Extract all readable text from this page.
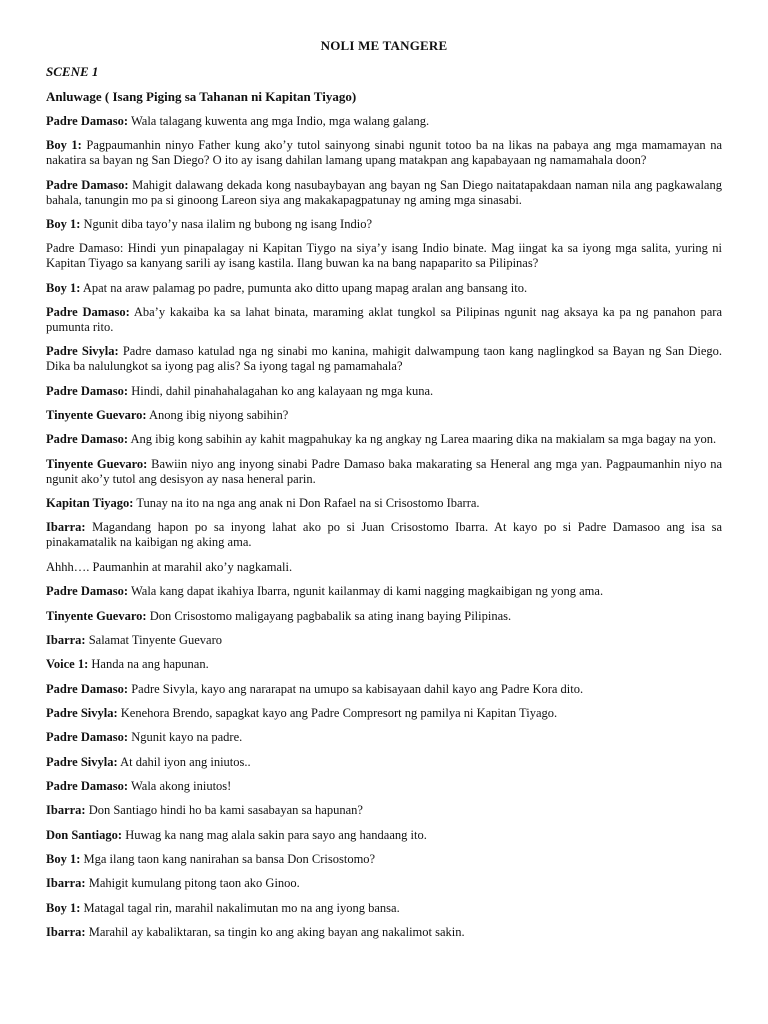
NOLI ME TANGERE
SCENE 1
Anluwage ( Isang Piging sa Tahanan ni Kapitan Tiyago)
Padre Damaso: Wala talagang kuwenta ang mga Indio, mga walang galang.
Boy 1: Pagpaumanhin ninyo Father kung ako’y tutol sainyong sinabi ngunit totoo ba na likas na pabaya ang mga mamamayan na nakatira sa bayan ng San Diego? O ito ay isang dahilan lamang upang matakpan ang kapabayaan ng namamahala doon?
Padre Damaso: Mahigit dalawang dekada kong nasubaybayan ang bayan ng San Diego naitatapakdaan naman nila ang pagkawalang bahala, tanungin mo pa si ginoong Lareon siya ang makakapagpatunay ng aming mga sinasabi.
Boy 1: Ngunit diba tayo’y nasa ilalim ng bubong ng isang Indio?
Padre Damaso: Hindi yun pinapalagay ni Kapitan Tiygo na siya’y isang Indio binate. Mag iingat ka sa iyong mga salita, yuring ni Kapitan Tiyago sa kanyang sarili ay isang kastila. Ilang buwan ka na bang napaparito sa Pilipinas?
Boy 1: Apat na araw palamag po padre, pumunta ako ditto upang mapag aralan ang bansang ito.
Padre Damaso: Aba’y kakaiba ka sa lahat binata, maraming aklat tungkol sa Pilipinas ngunit nag aksaya ka pa ng panahon para pumunta rito.
Padre Sivyla: Padre damaso katulad nga ng sinabi mo kanina, mahigit dalwampung taon kang naglingkod sa Bayan ng San Diego. Dika ba nalulungkot sa iyong pag alis? Sa iyong tagal ng pamamahala?
Padre Damaso: Hindi, dahil pinahahalagahan ko ang kalayaan ng mga kuna.
Tinyente Guevaro: Anong ibig niyong sabihin?
Padre Damaso: Ang ibig kong sabihin ay kahit magpahukay ka ng angkay ng Larea maaring dika na makialam sa mga bagay na yon.
Tinyente Guevaro: Bawiin niyo ang inyong sinabi Padre Damaso baka makarating sa Heneral ang mga yan. Pagpaumanhin niyo na ngunit ako’y tutol ang desisyon ay nasa heneral parin.
Kapitan Tiyago: Tunay na ito na nga ang anak ni Don Rafael na si Crisostomo Ibarra.
Ibarra: Magandang hapon po sa inyong lahat ako po si Juan Crisostomo Ibarra. At kayo po si Padre Damasoo ang isa sa pinakamatalik na kaibigan ng aking ama.
Ahhh…. Paumanhin at marahil ako’y nagkamali.
Padre Damaso: Wala kang dapat ikahiya Ibarra, ngunit kailanmay di kami nagging magkaibigan ng yong ama.
Tinyente Guevaro: Don Crisostomo maligayang pagbabalik sa ating inang baying Pilipinas.
Ibarra: Salamat Tinyente Guevaro
Voice 1: Handa na ang hapunan.
Padre Damaso: Padre Sivyla, kayo ang nararapat na umupo sa kabisayaan dahil kayo ang Padre Kora dito.
Padre Sivyla: Kenehora Brendo, sapagkat kayo ang Padre Compresort ng pamilya ni Kapitan Tiyago.
Padre Damaso: Ngunit kayo na padre.
Padre Sivyla: At dahil iyon ang iniutos..
Padre Damaso: Wala akong iniutos!
Ibarra: Don Santiago hindi ho ba kami sasabayan sa hapunan?
Don Santiago: Huwag ka nang mag alala sakin para sayo ang handaang ito.
Boy 1: Mga ilang taon kang nanirahan sa bansa Don Crisostomo?
Ibarra: Mahigit kumulang pitong taon ako Ginoo.
Boy 1: Matagal tagal rin, marahil nakalimutan mo na ang iyong bansa.
Ibarra: Marahil ay kabaliktaran, sa tingin ko ang aking bayan ang nakalimot sakin.
